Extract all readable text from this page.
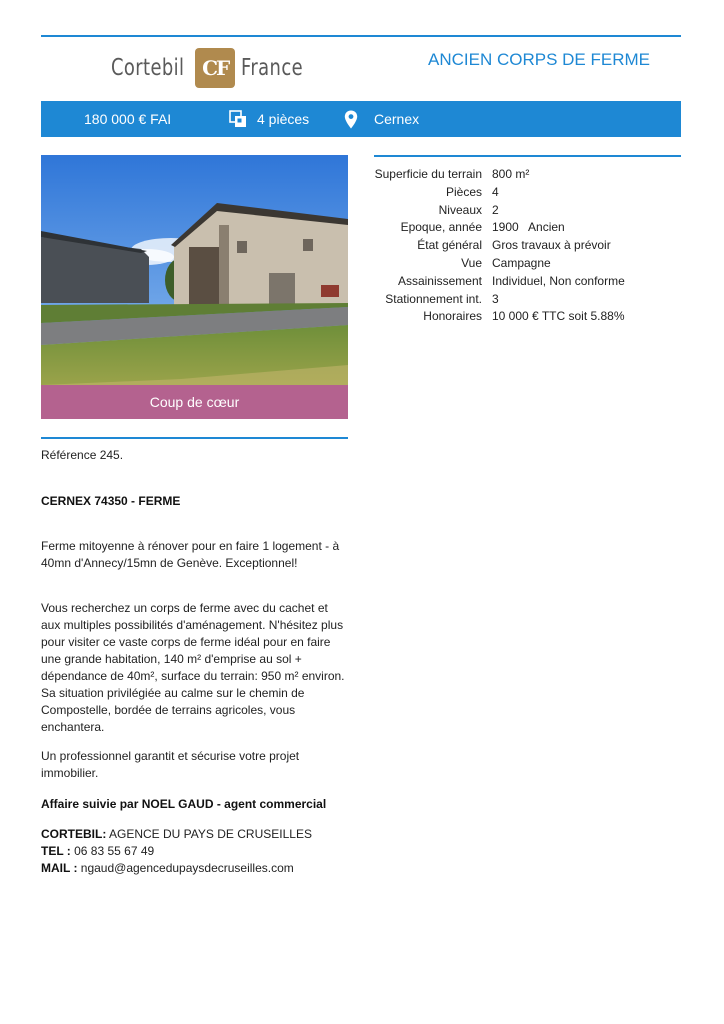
Cortebil CF France	ANCIEN CORPS DE FERME
180 000 € FAI	4 pièces	Cernex
Coup de cœur
Superficie du terrain 800 m²
Pièces 4
Niveaux 2
Epoque, année 1900   Ancien
État général Gros travaux à prévoir
Vue Campagne
Assainissement Individuel, Non conforme
Stationnement int. 3
Honoraires 10 000 € TTC soit 5.88%
Référence 245.
CERNEX 74350 - FERME
Ferme mitoyenne à rénover pour en faire 1 logement - à 40mn d'Annecy/15mn de Genève. Exceptionnel!
Vous recherchez un corps de ferme avec du cachet et aux multiples possibilités d'aménagement. N'hésitez plus pour visiter ce vaste corps de ferme idéal pour en faire une grande habitation, 140 m² d'emprise au sol + dépendance de 40m², surface du terrain: 950 m² environ. Sa situation privilégiée au calme sur le chemin de Compostelle, bordée de terrains agricoles, vous enchantera.
Un professionnel garantit et sécurise votre projet immobilier.
Affaire suivie par NOEL GAUD - agent commercial
CORTEBIL: AGENCE DU PAYS DE CRUSEILLES
TEL : 06 83 55 67 49
MAIL : ngaud@agencedupaysdecruseilles.com
